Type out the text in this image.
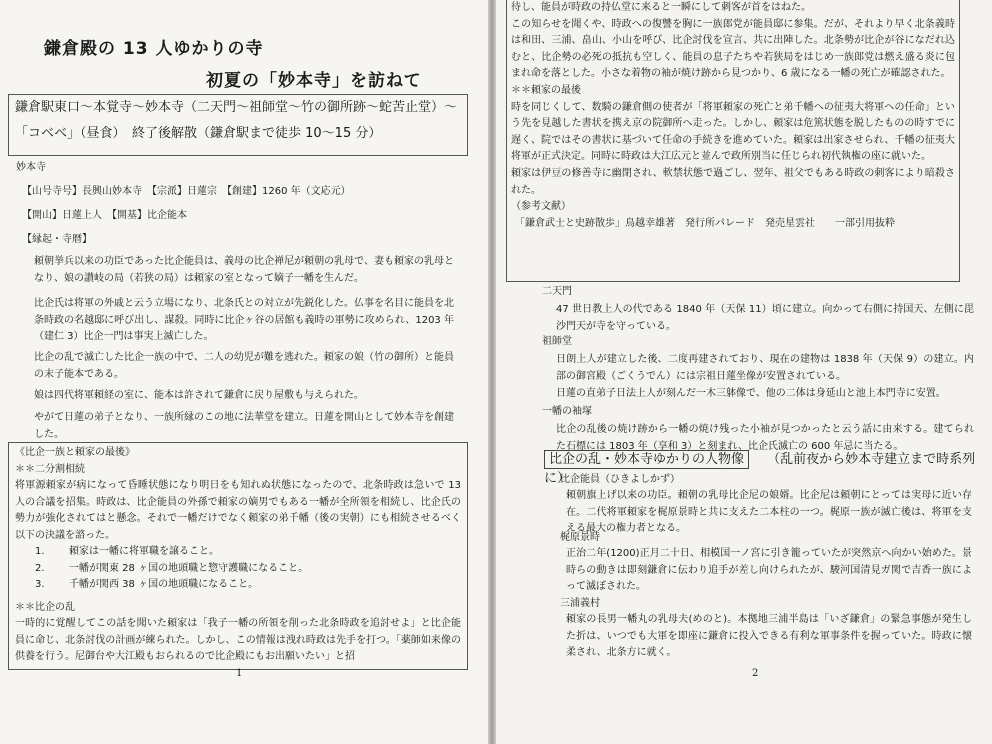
鎌倉殿の 13 人ゆかりの寺
初夏の「妙本寺」を訪ねて
鎌倉駅東口～本覚寺～妙本寺（二天門～祖師堂～竹の御所跡～蛇苦止堂）～
「コベベ」（昼食）　終了後解散（鎌倉駅まで徒歩 10～15 分）
妙本寺
【山号寺号】長興山妙本寺　【宗派】日蓮宗　【創建】1260 年（文応元）
【開山】日蓮上人　【開基】比企能本
【縁起・寺暦】
頼朝挙兵以来の功臣であった比企能員は、義母の比企禅尼が頼朝の乳母で、妻も頼家の乳母となり、娘の讃岐の局（若狭の局）は頼家の室となって嫡子一幡を生んだ。
比企氏は将軍の外戚と云う立場になり、北条氏との対立が先鋭化した。仏事を名目に能員を北条時政の名越邸に呼び出し、謀殺。同時に比企ヶ谷の居館も義時の軍勢に攻められ、1203 年（建仁 3）比企一門は事実上滅亡した。
比企の乱で滅亡した比企一族の中で、二人の幼児が難を逃れた。頼家の娘（竹の御所）と能員の末子能本である。
娘は四代将軍頼経の室に、能本は許されて鎌倉に戻り屋敷も与えられた。
やがて日蓮の弟子となり、一族所縁のこの地に法華堂を建立。日蓮を開山として妙本寺を創建した。
《比企一族と頼家の最後》
＊＊二分割相続
将軍源頼家が病になって昏睡状態になり明日をも知れぬ状態になったので、北条時政は急いで 13 人の合議を招集。時政は、比企能員の外孫で頼家の嫡男でもある一幡が全所領を相続し、比企氏の勢力が強化されてはと懸念。それで一幡だけでなく頼家の弟千幡（後の実朝）にも相続させるべく以下の決議を諮った。
1.	頼家は一幡に将軍職を譲ること。
2.	一幡が関東 28 ヶ国の地頭職と惣守護職になること。
3.	千幡が関西 38 ヶ国の地頭職になること。
＊＊比企の乱
一時的に覚醒してこの話を聞いた頼家は「我子一幡の所領を削った北条時政を追討せよ」と比企能員に命じ、北条討伐の計画が練られた。しかし、この情報は洩れ時政は先手を打つ。「薬師如来像の供養を行う。尼御台や大江殿もおられるので比企殿にもお出願いたい」と招
1
待し、能員が時政の持仏堂に来ると一瞬にして刺客が首をはねた。
この知らせを聞くや、時政への復讐を胸に一族郎党が能員邸に参集。だが、それより早く北条義時は和田、三浦、畠山、小山を呼び、比企討伐を宣言、共に出陣した。北条勢が比企が谷になだれ込むと、比企勢の必死の抵抗も空しく、能員の息子たちや若狭局をはじめ一族郎党は燃え盛る炎に包まれ命を落とした。小さな着物の袖が焼け跡から見つかり、6 歳になる一幡の死亡が確認された。
＊＊頼家の最後
時を同じくして、数騎の鎌倉側の使者が「将軍頼家の死亡と弟千幡への征夷大将軍への任命」という先を見越した書状を携え京の院御所へ走った。しかし、頼家は危篤状態を脱したものの時すでに遅く、院ではその書状に基づいて任命の手続きを進めていた。頼家は出家させられ、千幡の征夷大将軍が正式決定。同時に時政は大江広元と並んで政所別当に任じられ初代執権の座に就いた。
頼家は伊豆の修善寺に幽閉され、軟禁状態で過ごし、翌年、祖父でもある時政の刺客により暗殺された。
（参考文献）
「鎌倉武士と史跡散歩」鳥越幸雄著　発行所パレード　発売星雲社　　一部引用抜粋
二天門
47 世日教上人の代である 1840 年（天保 11）頃に建立。向かって右側に持国天、左側に毘沙門天が寺を守っている。
祖師堂
日朗上人が建立した後、二度再建されており、現在の建物は 1838 年（天保 9）の建立。内部の御宮殿（ごくうでん）には宗祖日蓮坐像が安置されている。
日蓮の直弟子日法上人が刻んだ一木三躰像で、他の二体は身延山と池上本門寺に安置。
一幡の袖塚
比企の乱後の焼け跡から一幡の焼け残った小袖が見つかったと云う話に由来する。建てられた石標には 1803 年（享和 3）と刻まれ、比企氏滅亡の 600 年忌に当たる。
比企の乱・妙本寺ゆかりの人物像 （乱前夜から妙本寺建立まで時系列に）
比企能員（ひきよしかず）
頼朝旗上げ以来の功臣。頼朝の乳母比企尼の娘婿。比企尼は頼朝にとっては実母に近い存在。二代将軍頼家を梶原景時と共に支えた二本柱の一つ。梶原一族が滅亡後は、将軍を支える最大の権力者となる。
梶原景時
正治二年(1200)正月二十日、相模国一ノ宮に引き籠っていたが突然京へ向かい始めた。景時らの動きは即刻鎌倉に伝わり追手が差し向けられたが、駿河国清見ガ関で吉香一族によって滅ぼされた。
三浦義村
頼家の長男一幡丸の乳母夫(めのと)。本拠地三浦半島は「いざ鎌倉」の緊急事態が発生した折は、いつでも大軍を即座に鎌倉に投入できる有利な軍事条件を握っていた。時政に懐柔され、北条方に就く。
2
